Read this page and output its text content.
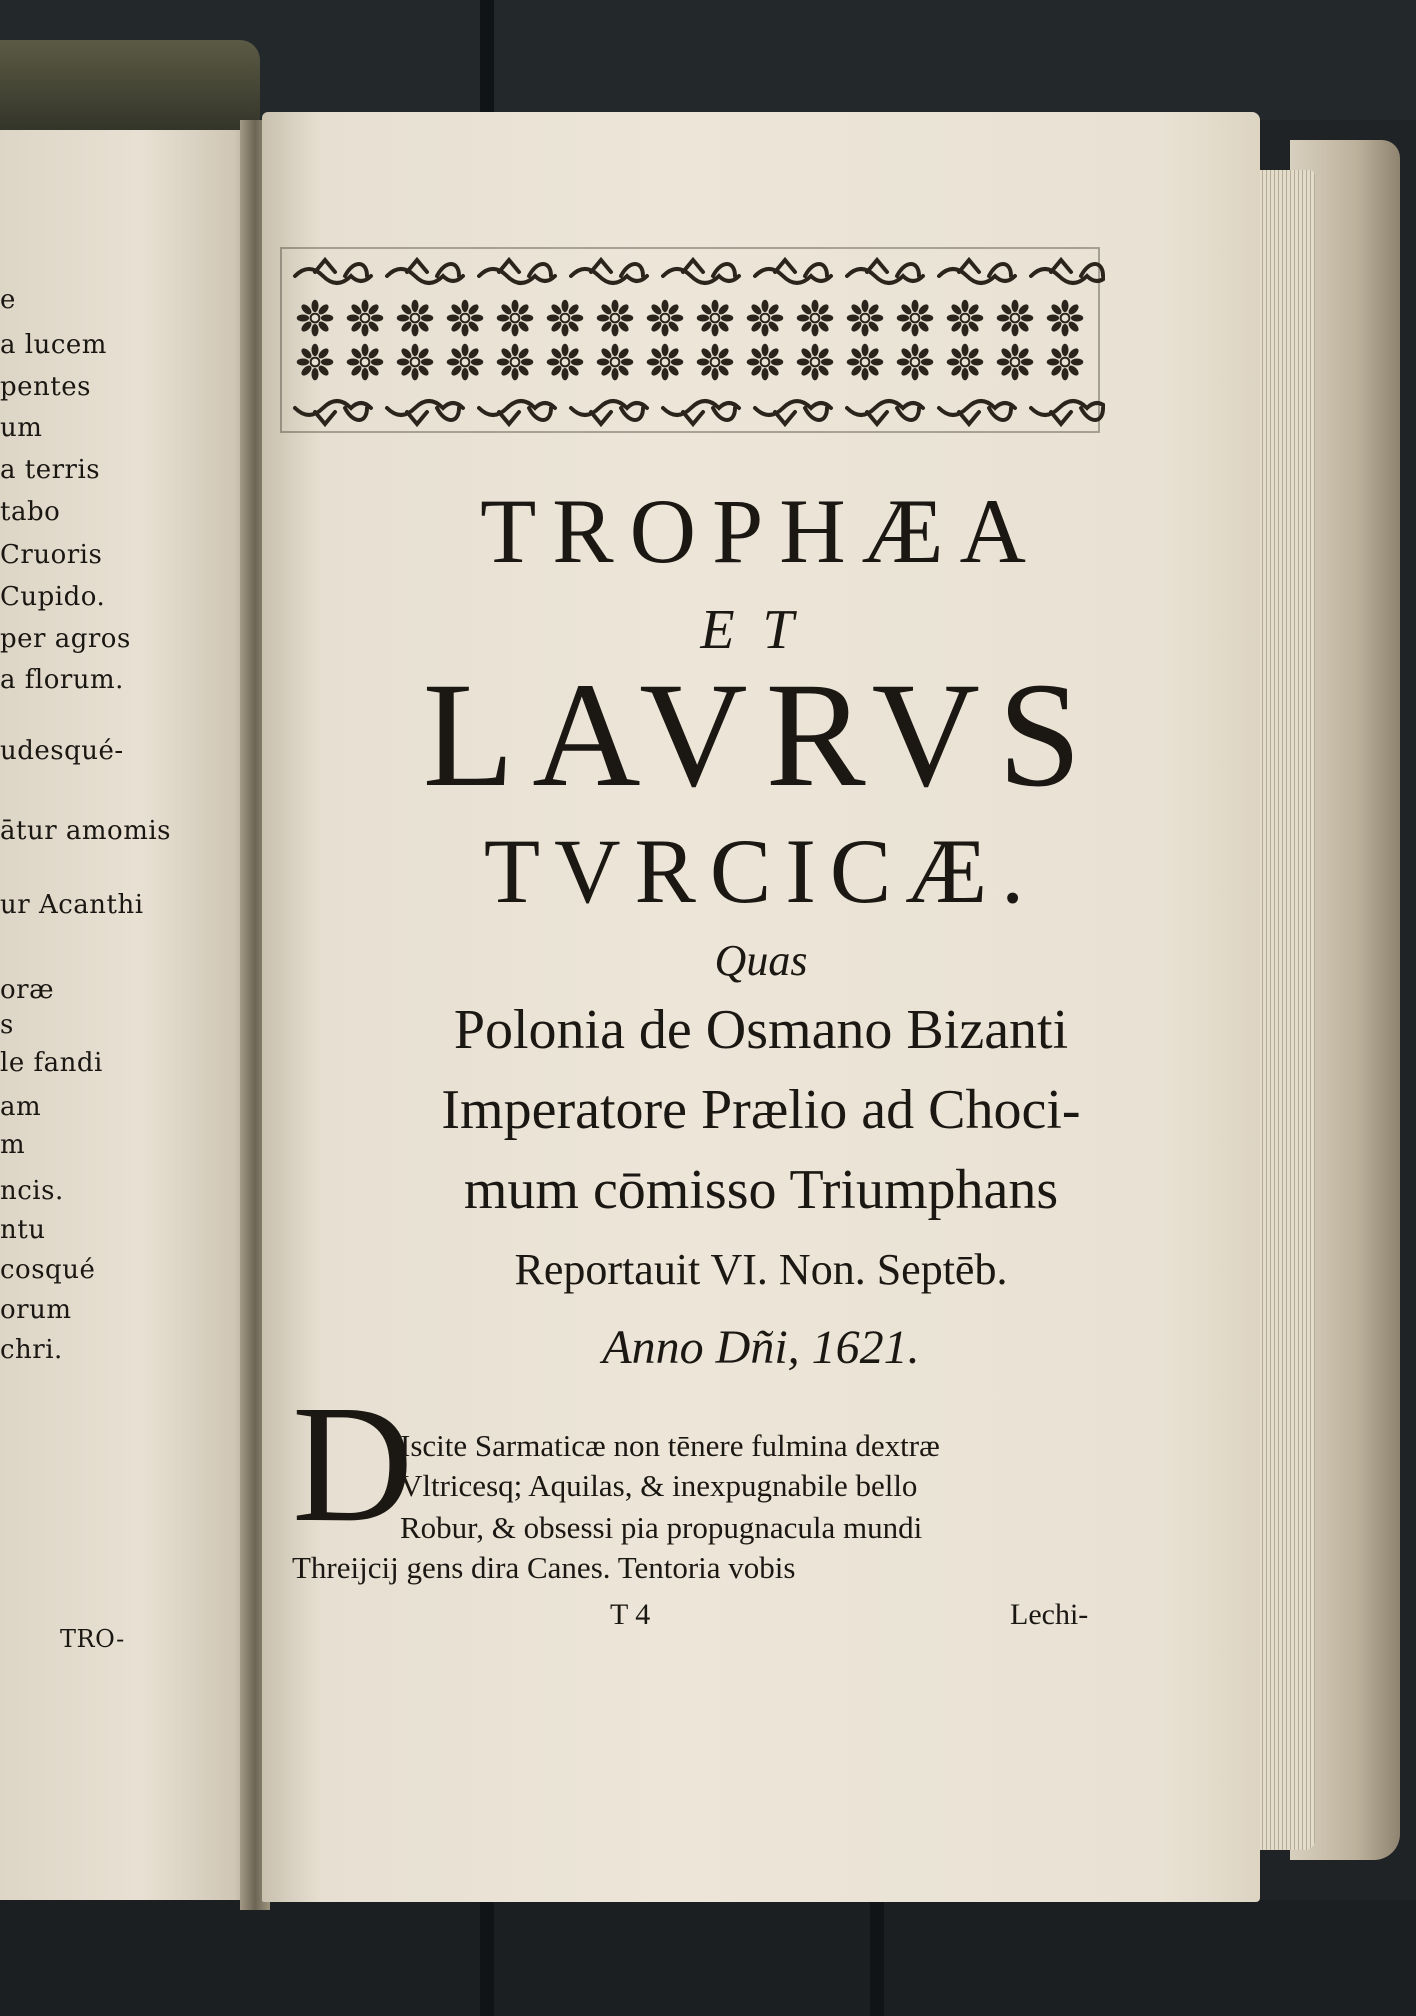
e
a lucem
pentes
um
a terris
tabo
Cruoris
Cupido.
per agros
a florum.
udesqué-
ātur amomis
ur Acanthi
oræ
s
le fandi
am
m
ncis.
ntu
cosqué
orum
chri.
TRO-
TROPHÆA
ET
LAVRVS
TVRCICÆ.
Quas
Polonia de Osmano Bizanti
Imperatore Prælio ad Choci-
mum cōmisso Triumphans
Reportauit VI. Non. Septēb.
Anno Dñi, 1621.
D
Iscite Sarmaticæ non tēnere fulmina dextræ
Vltricesq; Aquilas, & inexpugnabile bello
Robur, & obsessi pia propugnacula mundi
Threijcij gens dira Canes. Tentoria vobis
T 4	Lechi-
